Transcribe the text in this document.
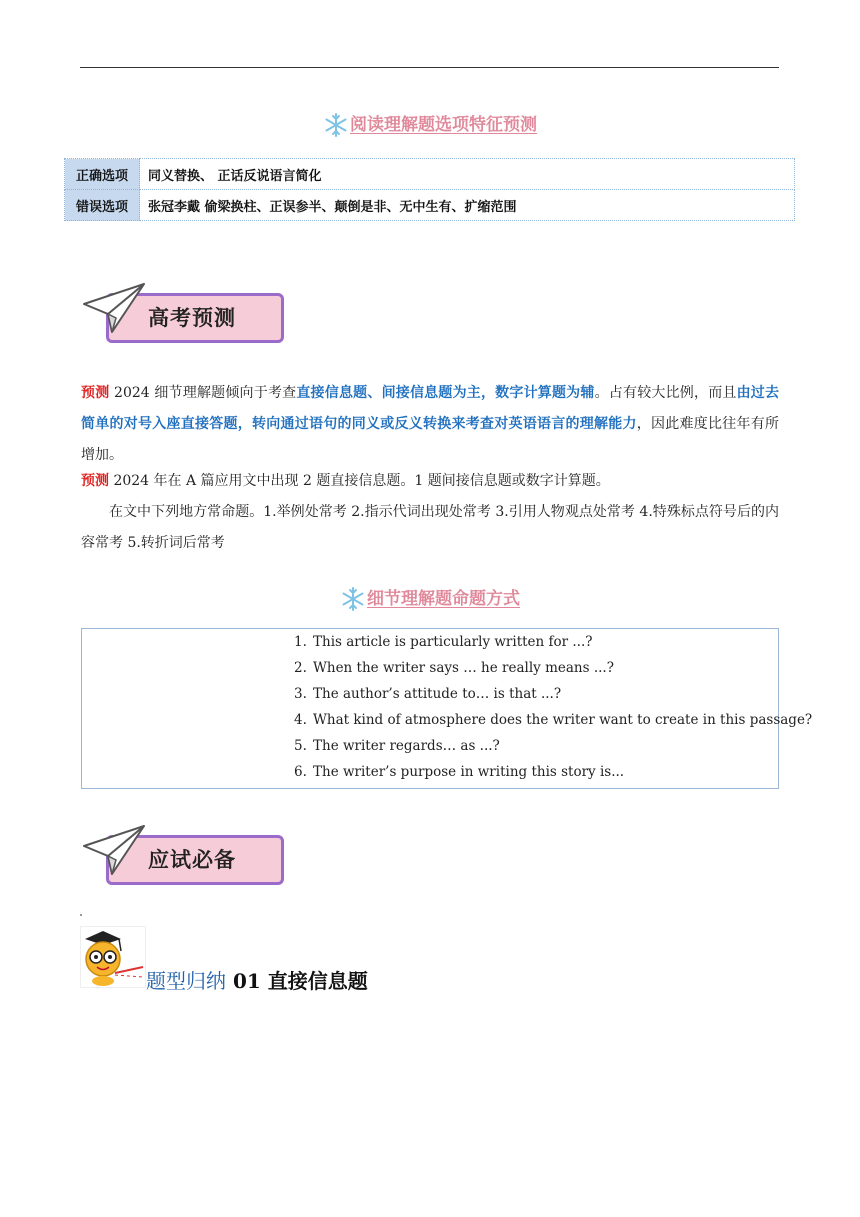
阅读理解题选项特征预测
正确选项	同义替换、 正话反说语言简化
错误选项	张冠李戴 偷梁换柱、正误参半、颠倒是非、无中生有、扩缩范围
高考预测
预测 2024 细节理解题倾向于考查直接信息题、间接信息题为主，数字计算题为辅。占有较大比例，而且由过去简单的对号入座直接答题，转向通过语句的同义或反义转换来考查对英语语言的理解能力，因此难度比往年有所增加。
预测 2024 年在 A 篇应用文中出现 2 题直接信息题。1 题间接信息题或数字计算题。
在文中下列地方常命题。1.举例处常考 2.指示代词出现处常考 3.引用人物观点处常考 4.特殊标点符号后的内容常考 5.转折词后常考
细节理解题命题方式
1. This article is particularly written for ...?
2. When the writer says … he really means ...?
3. The author’s attitude to… is that ...?
4. What kind of atmosphere does the writer want to create in this passage?
5. The writer regards… as ...?
6. The writer’s purpose in writing this story is...
应试必备
题型归纳 01 直接信息题
